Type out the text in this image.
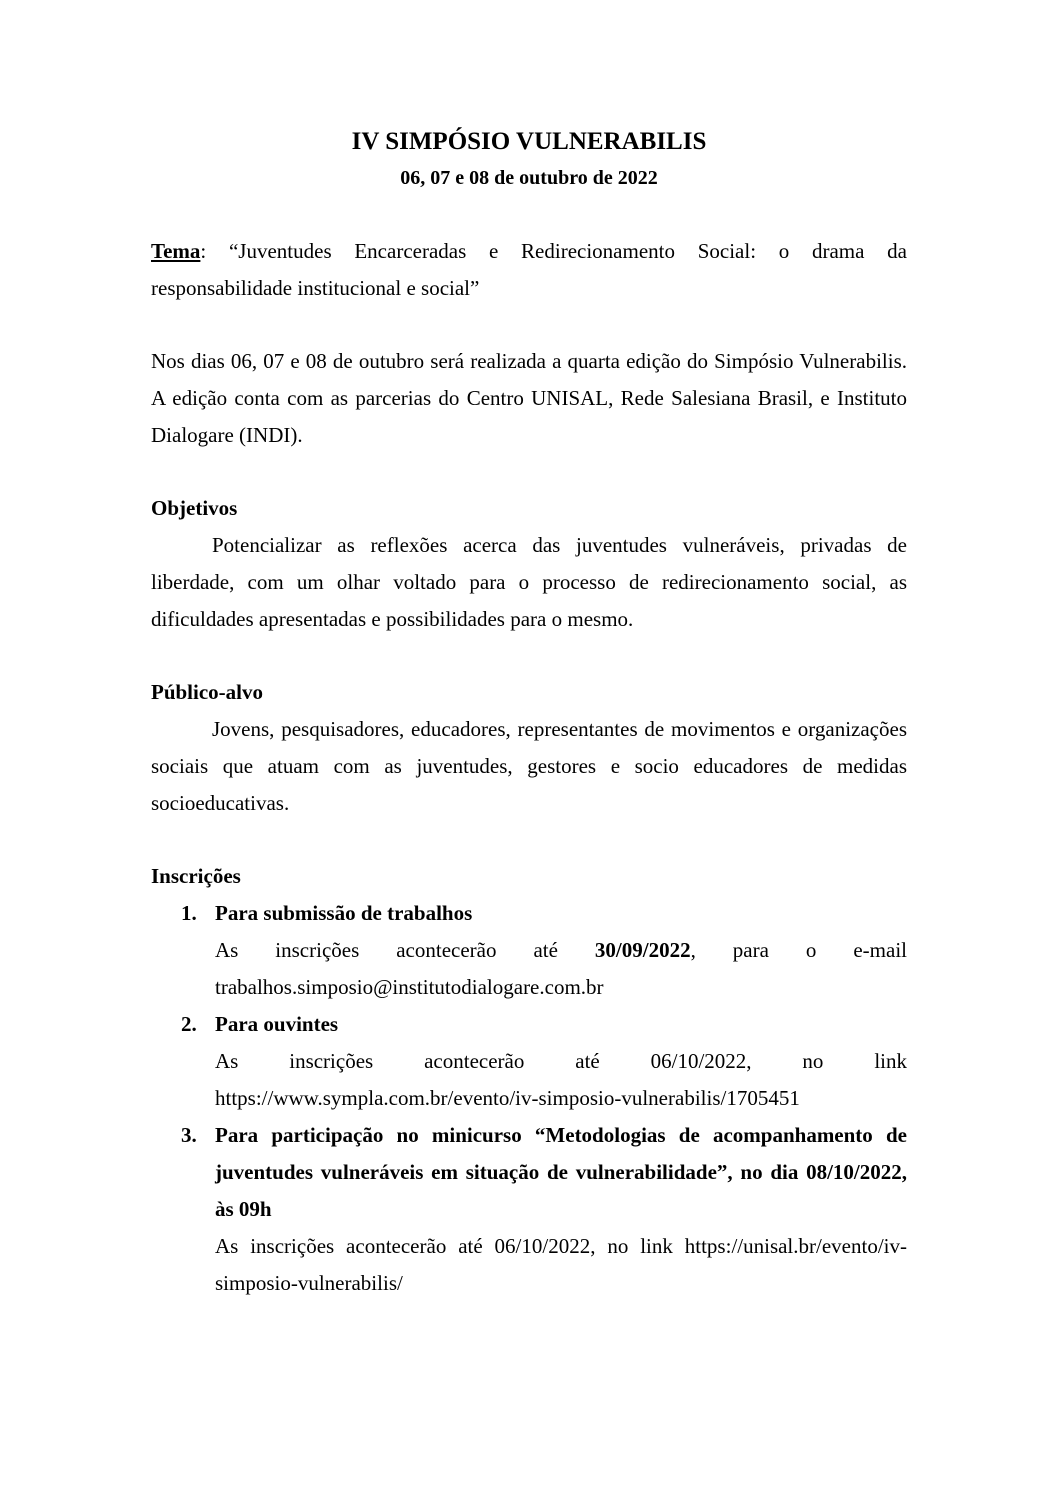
IV SIMPÓSIO VULNERABILIS

06, 07 e 08 de outubro de 2022

Tema: “Juventudes Encarceradas e Redirecionamento Social: o drama da
responsabilidade institucional e social”

Nos dias 06, 07 e 08 de outubro será realizada a quarta edição do Simpósio Vulnerabilis.
A edição conta com as parcerias do Centro UNISAL, Rede Salesiana Brasil, e Instituto
Dialogare (INDI).

Objetivos

Potencializar as reflexões acerca das juventudes vulneráveis, privadas de
liberdade, com um olhar voltado para o processo de redirecionamento social, as
dificuldades apresentadas e possibilidades para o mesmo.

Público-alvo

Jovens, pesquisadores, educadores, representantes de movimentos e organizações
sociais que atuam com as juventudes, gestores e socio educadores de medidas
socioeducativas.

Inscrições

1. Para submissão de trabalhos

As inscrições acontecerão até 30/09/2022, para o e-mail
trabalhos.simposio@institutodialogare.com.br

2. Para ouvintes

As inscrições acontecerão até 06/10/2022, no link
https://www.sympla.com.br/evento/iv-simposio-vulnerabilis/1705451

3. Para participação no minicurso “Metodologias de acompanhamento de
juventudes vulneráveis em situação de vulnerabilidade”, no dia 08/10/2022,
às 09h

As inscrições acontecerão até 06/10/2022, no link https://unisal.br/evento/iv-
simposio-vulnerabilis/
